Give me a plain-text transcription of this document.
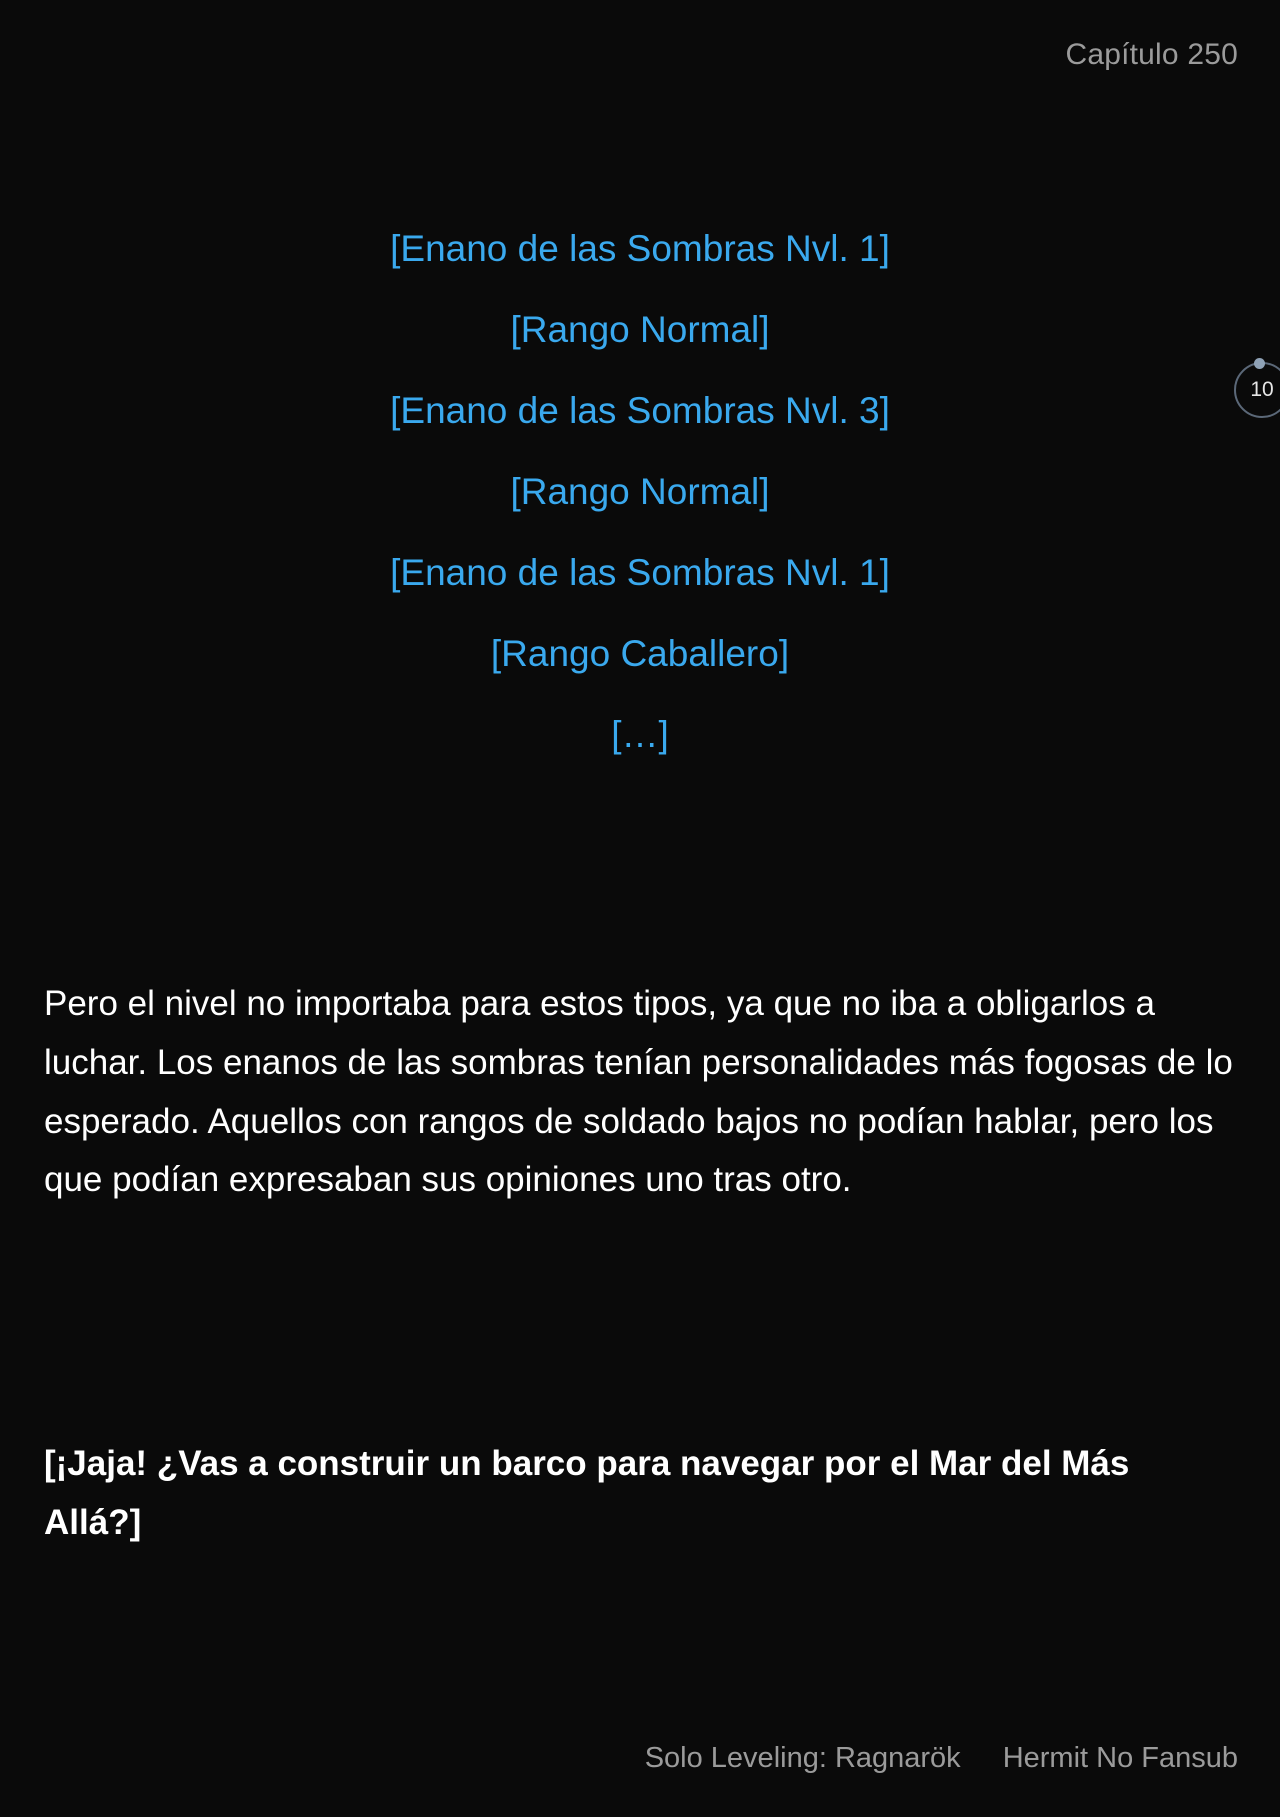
Capítulo 250
10

[Enano de las Sombras Nvl. 1]

[Rango Normal]

[Enano de las Sombras Nvl. 3]

[Rango Normal]

[Enano de las Sombras Nvl. 1]

[Rango Caballero]

[…]

Pero el nivel no importaba para estos tipos, ya que no iba a obligarlos a luchar. Los enanos de las sombras tenían personalidades más fogosas de lo esperado. Aquellos con rangos de soldado bajos no podían hablar, pero los que podían expresaban sus opiniones uno tras otro.

[¡Jaja! ¿Vas a construir un barco para navegar por el Mar del Más Allá?]

Solo Leveling: Ragnarök Hermit No Fansub
